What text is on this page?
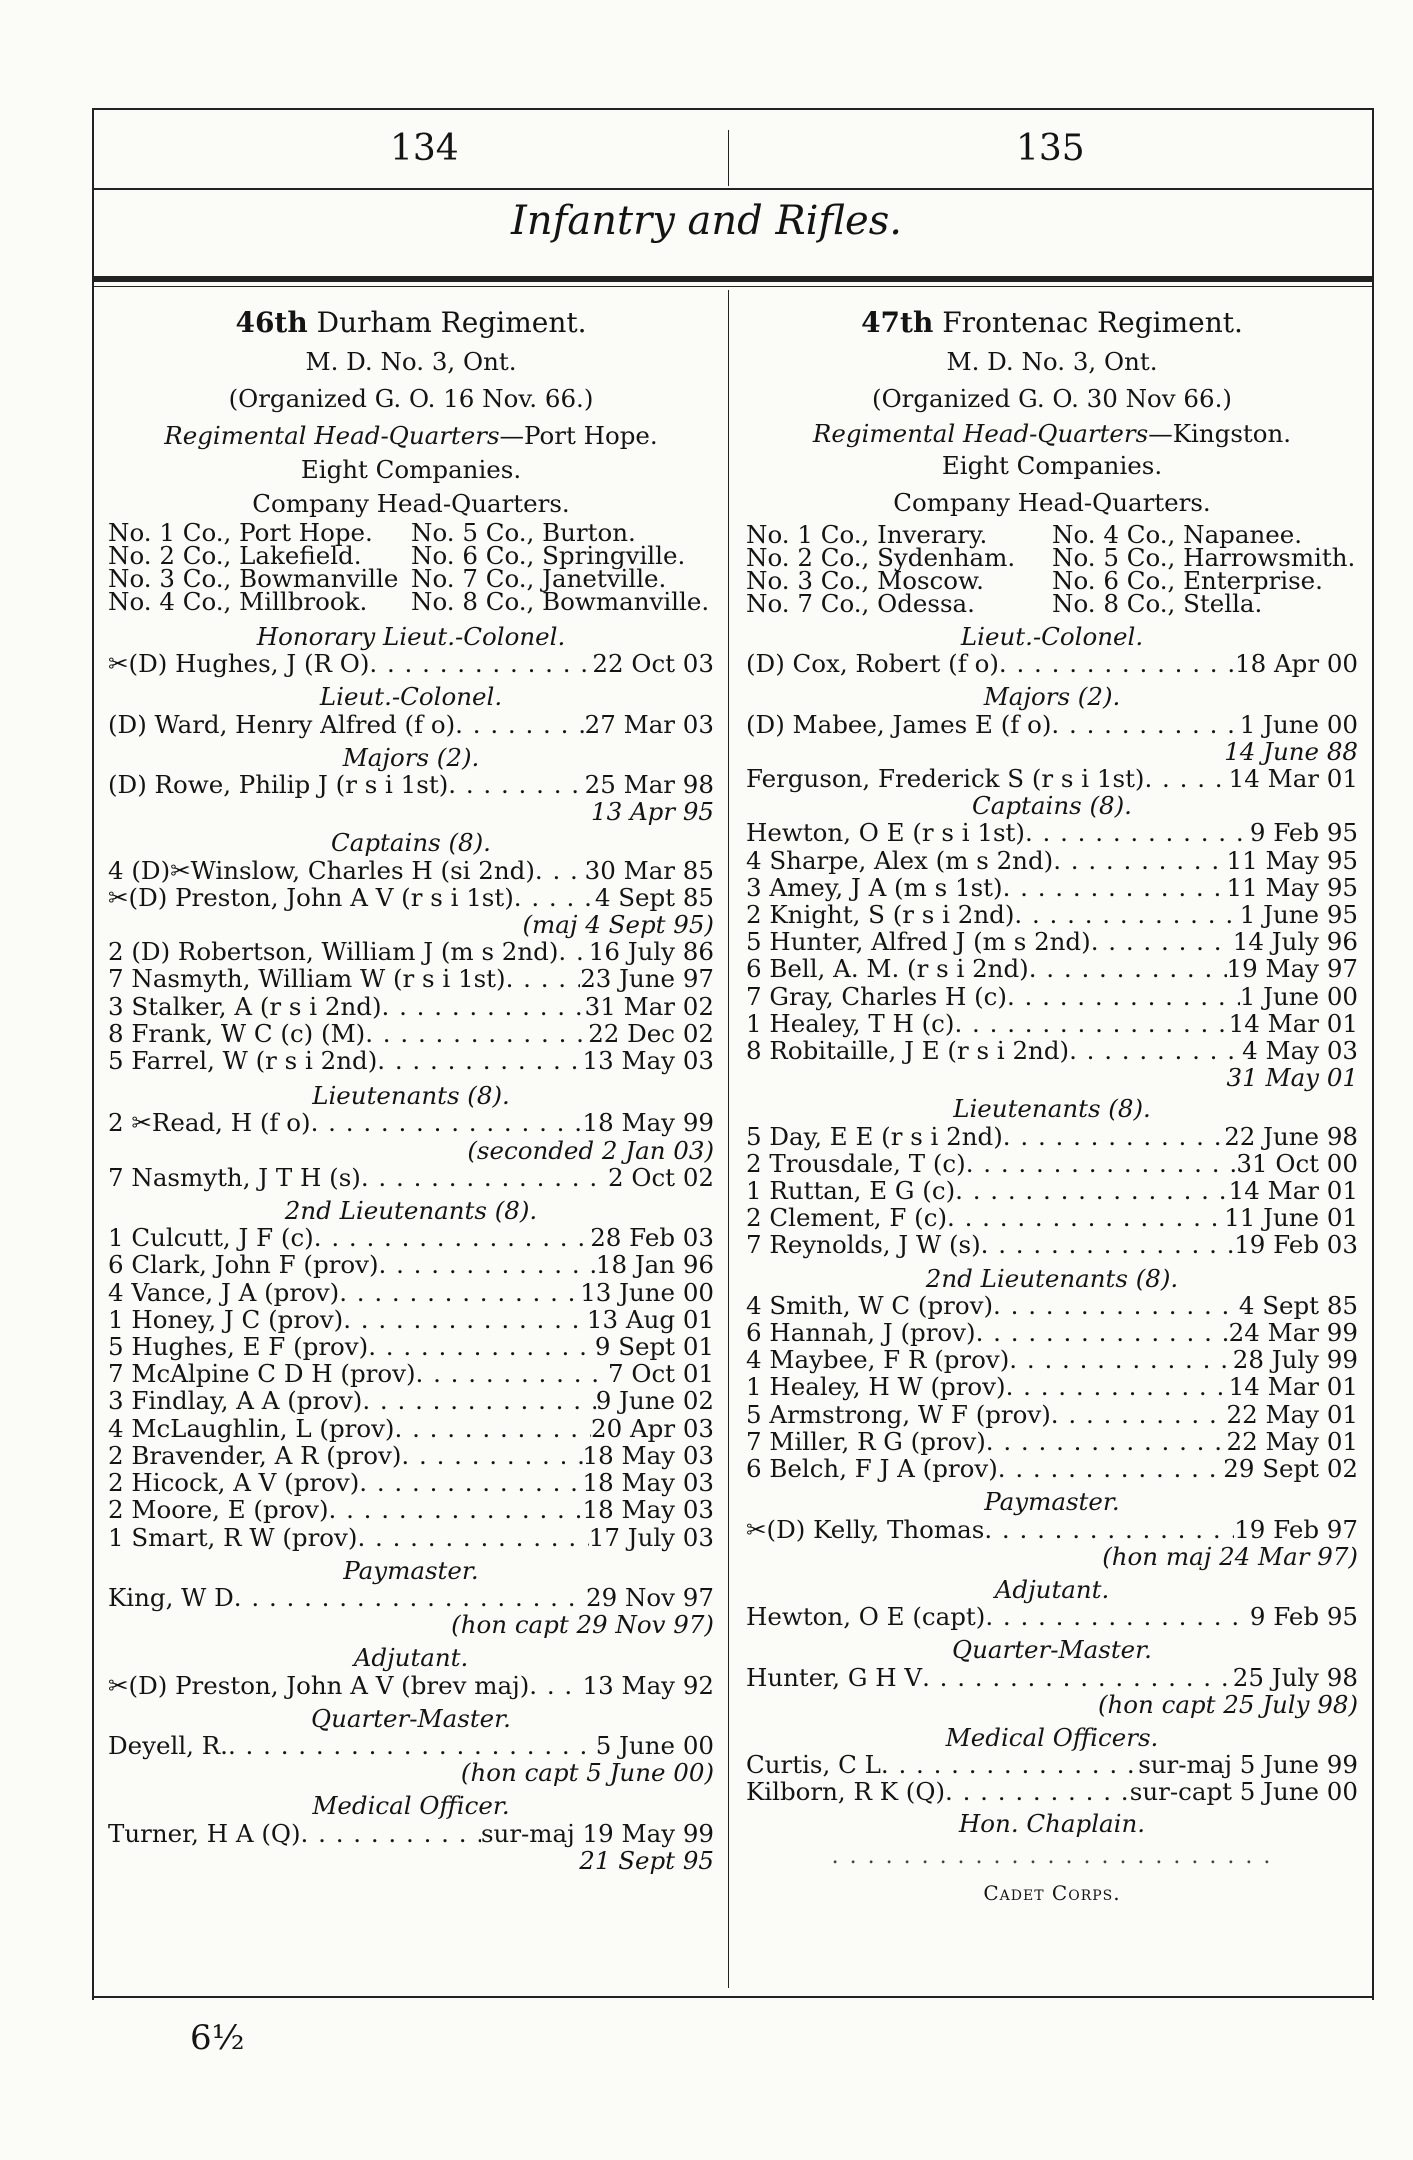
134	135
Infantry and Rifles.
46th Durham Regiment.
M. D. No. 3, Ont.
(Organized G. O. 16 Nov. 66.)
Regimental Head-Quarters—Port Hope.
Eight Companies.
Company Head-Quarters.
No. 1 Co., Port Hope.	No. 5 Co., Burton.
No. 2 Co., Lakefield.	No. 6 Co., Springville.
No. 3 Co., Bowmanville No. 7 Co., Janetville.
No. 4 Co., Millbrook.	No. 8 Co., Bowmanville.
Honorary Lieut.-Colonel.
✂(D) Hughes, J (R O) . . .	22 Oct 03
Lieut.-Colonel.
(D) Ward, Henry Alfred (f o) . . .	27 Mar 03
Majors (2).
(D) Rowe, Philip J (r s i 1st) . . .	25 Mar 98
13 Apr 95
Captains (8).
4 (D)✂Winslow, Charles H (si 2nd) . . . 30 Mar 85
✂(D) Preston, John A V (r s i 1st) . . .	4 Sept 85
(maj 4 Sept 95)
2 (D) Robertson, William J (m s 2nd) . . . 16 July 86
7 Nasmyth, William W (r s i 1st) . . .	23 June 97
3 Stalker, A (r s i 2nd) . . .	31 Mar 02
8 Frank, W C (c) (M) . . .	22 Dec 02
5 Farrel, W (r s i 2nd) . . .	13 May 03
Lieutenants (8).
2 ✂Read, H (f o) . . .	18 May 99
(seconded 2 Jan 03)
7 Nasmyth, J T H (s) . . .	2 Oct 02
2nd Lieutenants (8).
1 Culcutt, J F (c) . . .	28 Feb 03
6 Clark, John F (prov) . . .	18 Jan 96
4 Vance, J A (prov) . . .	13 June 00
1 Honey, J C (prov) . . .	13 Aug 01
5 Hughes, E F (prov) . . .	9 Sept 01
7 McAlpine C D H (prov) . . .	7 Oct 01
3 Findlay, A A (prov) . . .	9 June 02
4 McLaughlin, L (prov) . . .	20 Apr 03
2 Bravender, A R (prov) . . .	18 May 03
2 Hicock, A V (prov) . . .	18 May 03
2 Moore, E (prov) . . .	18 May 03
1 Smart, R W (prov) . . .	17 July 03
Paymaster.
King, W D . . .	29 Nov 97
(hon capt 29 Nov 97)
Adjutant.
✂(D) Preston, John A V (brev maj) . . . 13 May 92
Quarter-Master.
Deyell, R. . . .	5 June 00
(hon capt 5 June 00)
Medical Officer.
Turner, H A (Q) . . .	sur-maj 19 May 99
21 Sept 95
47th Frontenac Regiment.
M. D. No. 3, Ont.
(Organized G. O. 30 Nov 66.)
Regimental Head-Quarters—Kingston.
Eight Companies.
Company Head-Quarters.
No. 1 Co., Inverary.	No. 4 Co., Napanee.
No. 2 Co., Sydenham.	No. 5 Co., Harrowsmith.
No. 3 Co., Moscow.	No. 6 Co., Enterprise.
No. 7 Co., Odessa.	No. 8 Co., Stella.
Lieut.-Colonel.
(D) Cox, Robert (f o) . . .	18 Apr 00
Majors (2).
(D) Mabee, James E (f o) . . .	1 June 00
14 June 88
Ferguson, Frederick S (r s i 1st) . . .	14 Mar 01
Captains (8).
Hewton, O E (r s i 1st) . . .	9 Feb 95
4 Sharpe, Alex (m s 2nd) . . .	11 May 95
3 Amey, J A (m s 1st) . . .	11 May 95
2 Knight, S (r s i 2nd) . . .	1 June 95
5 Hunter, Alfred J (m s 2nd) . . .	14 July 96
6 Bell, A. M. (r s i 2nd) . . .	19 May 97
7 Gray, Charles H (c) . . .	1 June 00
1 Healey, T H (c) . . .	14 Mar 01
8 Robitaille, J E (r s i 2nd) . . .	4 May 03
31 May 01
Lieutenants (8).
5 Day, E E (r s i 2nd) . . .	22 June 98
2 Trousdale, T (c) . . .	31 Oct 00
1 Ruttan, E G (c) . . .	14 Mar 01
2 Clement, F (c) . . .	11 June 01
7 Reynolds, J W (s) . . .	19 Feb 03
2nd Lieutenants (8).
4 Smith, W C (prov) . . .	4 Sept 85
6 Hannah, J (prov) . . .	24 Mar 99
4 Maybee, F R (prov) . . .	28 July 99
1 Healey, H W (prov) . . .	14 Mar 01
5 Armstrong, W F (prov) . . .	22 May 01
7 Miller, R G (prov) . . .	22 May 01
6 Belch, F J A (prov) . . .	29 Sept 02
Paymaster.
✂(D) Kelly, Thomas . . .	19 Feb 97
(hon maj 24 Mar 97)
Adjutant.
Hewton, O E (capt) . . .	9 Feb 95
Quarter-Master.
Hunter, G H V . . .	25 July 98
(hon capt 25 July 98)
Medical Officers.
Curtis, C L . . .	sur-maj 5 June 99
Kilborn, R K (Q) . . .	sur-capt 5 June 00
Hon. Chaplain.
. . . . . . . . . . . . . . . . . . . . . . . . .
Cadet Corps.
6½
